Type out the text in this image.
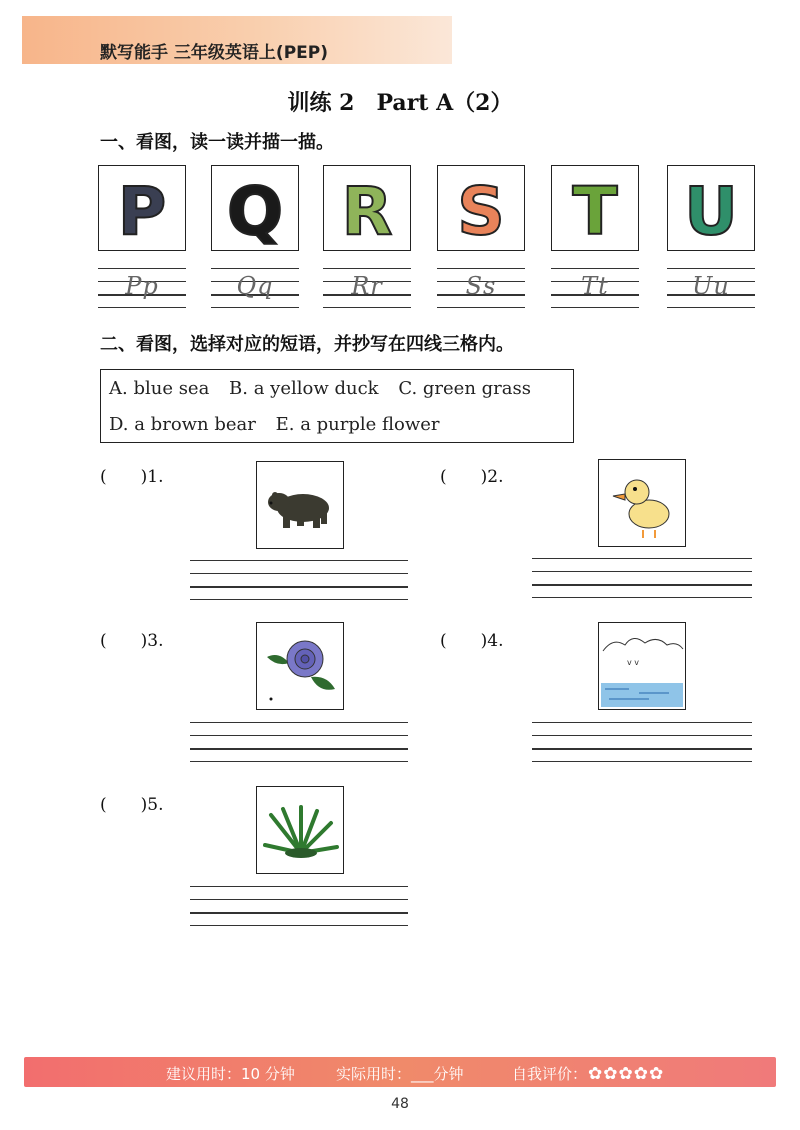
默写能手 三年级英语上(PEP)
训练 2　Part A（2）
一、看图，读一读并描一描。
P
Pp
Q
Qq
R
Rr
S
Ss
T
Tt
U
Uu
二、看图，选择对应的短语，并抄写在四线三格内。
A. blue sea B. a yellow duck C. green grass
D. a brown bear E. a purple flower
(　　)1.	(　　)2.
(　　)3.	(　　)4.
v v
(　　)5.
建议用时：10 分钟	实际用时：___分钟	自我评价：✿✿✿✿✿
48
